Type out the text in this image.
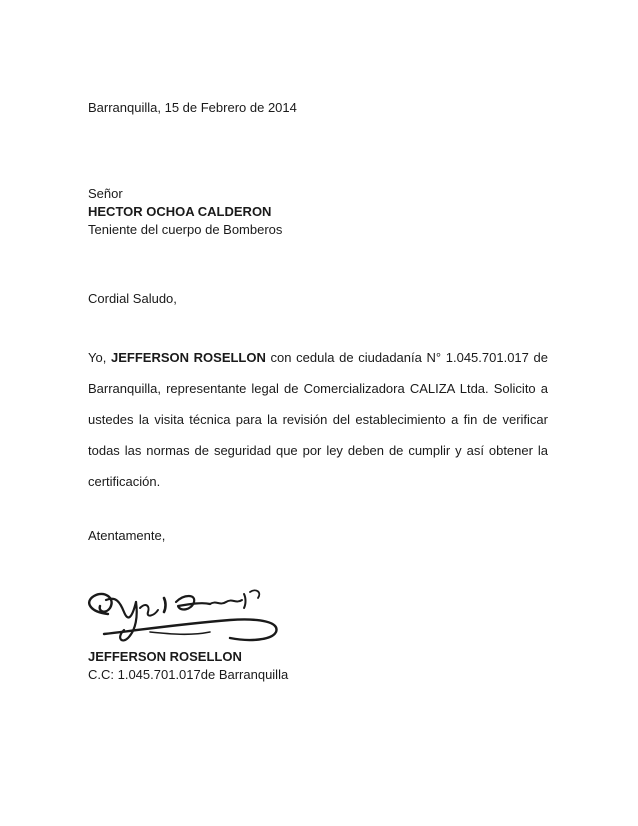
Barranquilla, 15 de Febrero de 2014
Señor
HECTOR OCHOA CALDERON
Teniente del cuerpo de Bomberos
Cordial Saludo,

Yo, JEFFERSON ROSELLON con cedula de ciudadanía N° 1.045.701.017 de Barranquilla, representante legal de Comercializadora CALIZA Ltda. Solicito a ustedes la visita técnica para la revisión del establecimiento a fin de verificar todas las normas de seguridad que por ley deben de cumplir y así obtener la certificación.

Atentamente,
JEFFERSON ROSELLON
C.C: 1.045.701.017de Barranquilla
